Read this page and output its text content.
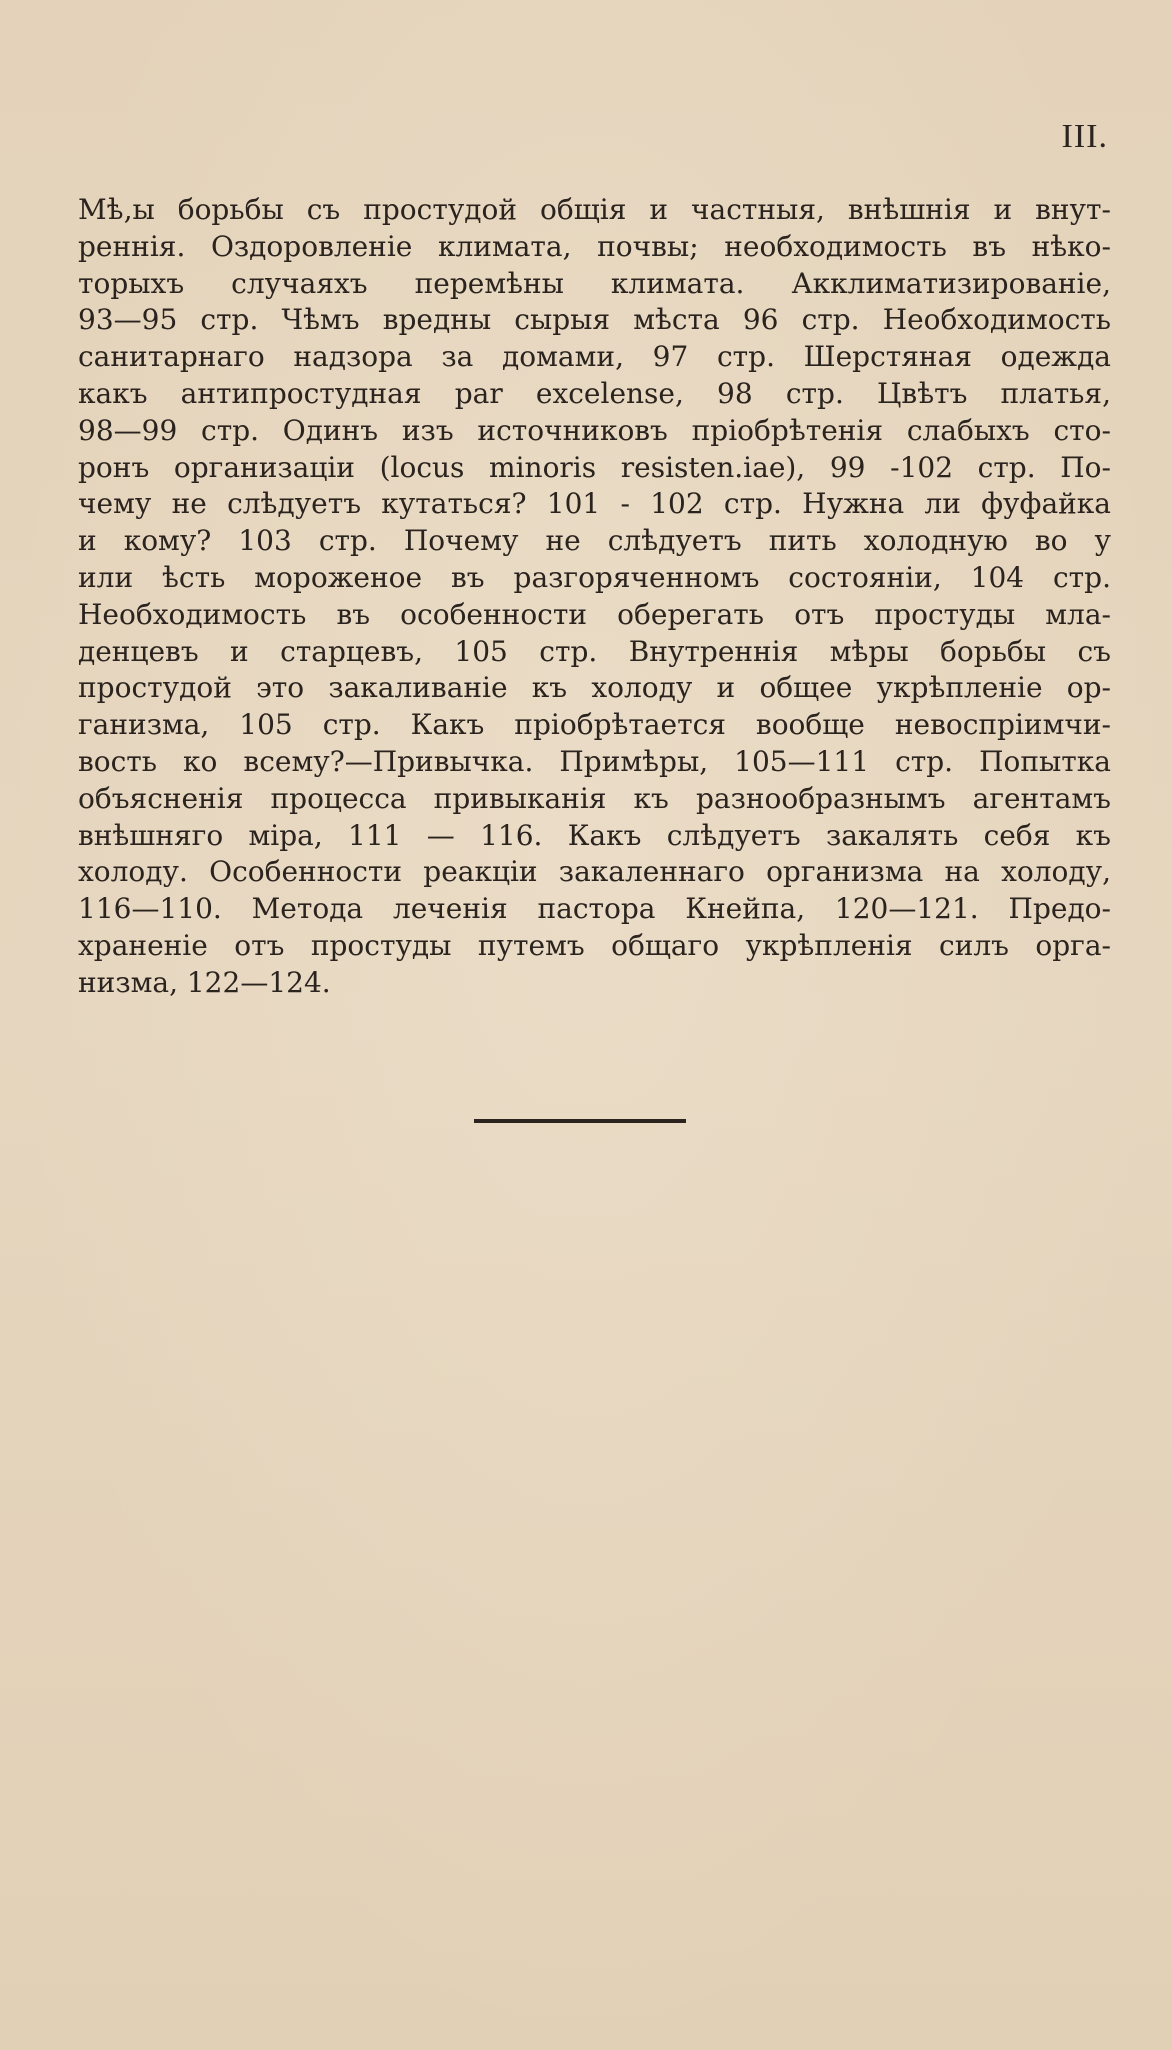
III.
Мѣ‚ы борьбы съ простудой общія и частныя, внѣшнія и внут-
реннія. Оздоровленіе климата, почвы; необходимость въ нѣко-
торыхъ случаяхъ перемѣны климата. Акклиматизированіе,
93—95 стр. Чѣмъ вредны сырыя мѣста 96 стр. Необходимость
санитарнаго надзора за домами, 97 стр. Шерстяная одежда
какъ антипростудная par excelense, 98 стр. Цвѣтъ платья,
98—99 стр. Одинъ изъ источниковъ пріобрѣтенія слабыхъ сто-
ронъ организаціи (locus minoris resisten.iae), 99 -102 стр. По-
чему не слѣдуетъ кутаться? 101 - 102 стр. Нужна ли фуфайка
и кому? 103 стр. Почему не слѣдуетъ пить холодную во у
или ѣсть мороженое въ разгоряченномъ состояніи, 104 стр.
Необходимость въ особенности оберегать отъ простуды мла-
денцевъ и старцевъ, 105 стр. Внутреннія мѣры борьбы съ
простудой это закаливаніе къ холоду и общее укрѣпленіе ор-
ганизма, 105 стр. Какъ пріобрѣтается вообще невоспріимчи-
вость ко всему?—Привычка. Примѣры, 105—111 стр. Попытка
объясненія процесса привыканія къ разнообразнымъ агентамъ
внѣшняго міра, 111 — 116. Какъ слѣдуетъ закалять себя къ
холоду. Особенности реакціи закаленнаго организма на холоду,
116—110. Метода леченія пастора Кнейпа, 120—121. Предо-
храненіе отъ простуды путемъ общаго укрѣпленія силъ орга-
низма, 122—124.
